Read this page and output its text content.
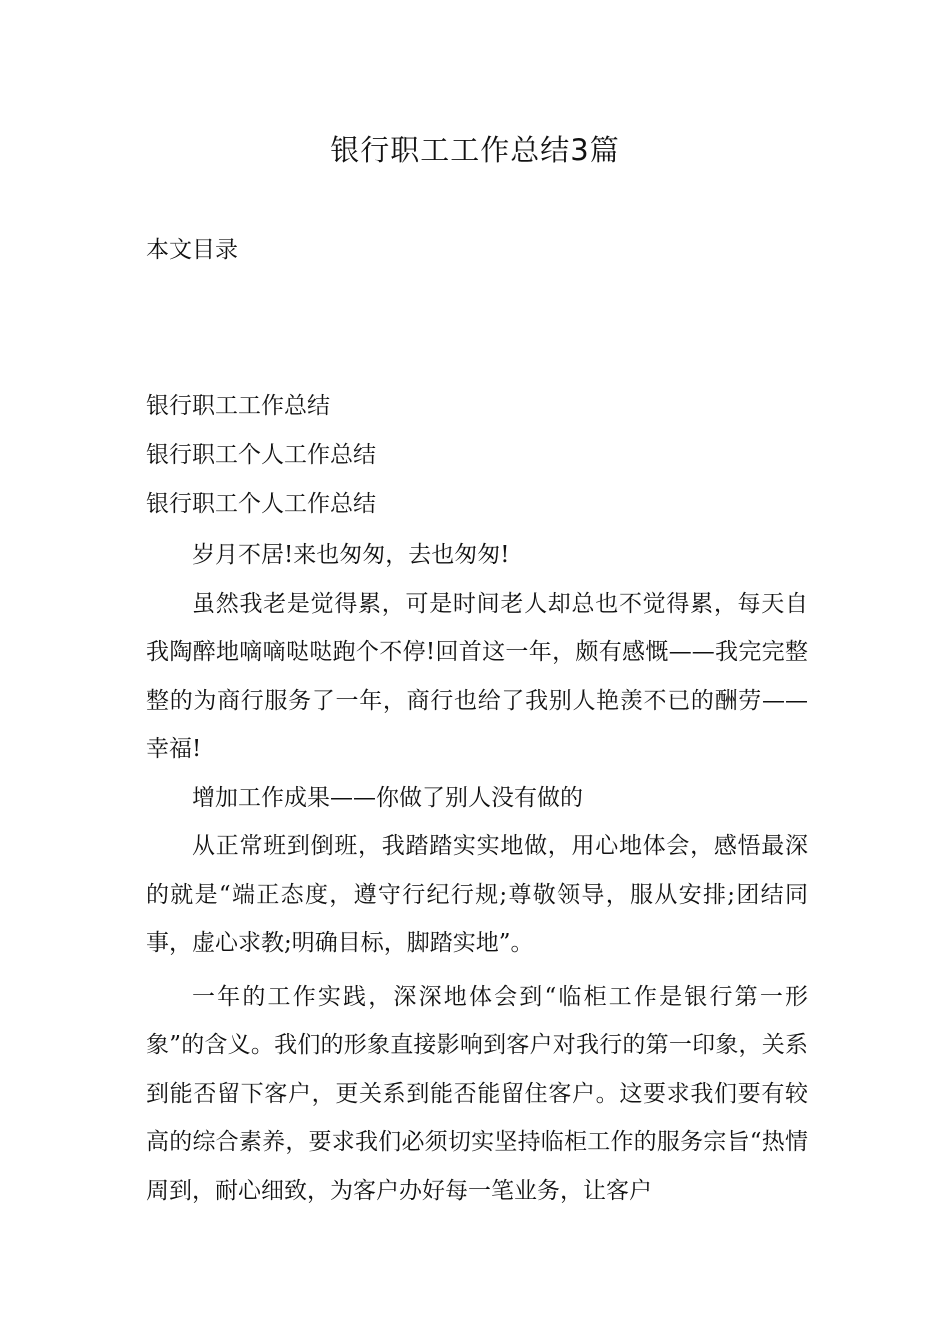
银行职工工作总结3篇

本文目录

银行职工工作总结
银行职工个人工作总结
银行职工个人工作总结

岁月不居!来也匆匆，去也匆匆!

虽然我老是觉得累，可是时间老人却总也不觉得累，每天自我陶醉地嘀嘀哒哒跑个不停!回首这一年，颇有感慨——我完完整整的为商行服务了一年，商行也给了我别人艳羡不已的酬劳——幸福!

增加工作成果——你做了别人没有做的

从正常班到倒班，我踏踏实实地做，用心地体会，感悟最深的就是“端正态度，遵守行纪行规;尊敬领导，服从安排;团结同事，虚心求教;明确目标，脚踏实地”。

一年的工作实践，深深地体会到“临柜工作是银行第一形象”的含义。我们的形象直接影响到客户对我行的第一印象，关系到能否留下客户，更关系到能否能留住客户。这要求我们要有较高的综合素养，要求我们必须切实坚持临柜工作的服务宗旨“热情周到，耐心细致，为客户办好每一笔业务，让客户
